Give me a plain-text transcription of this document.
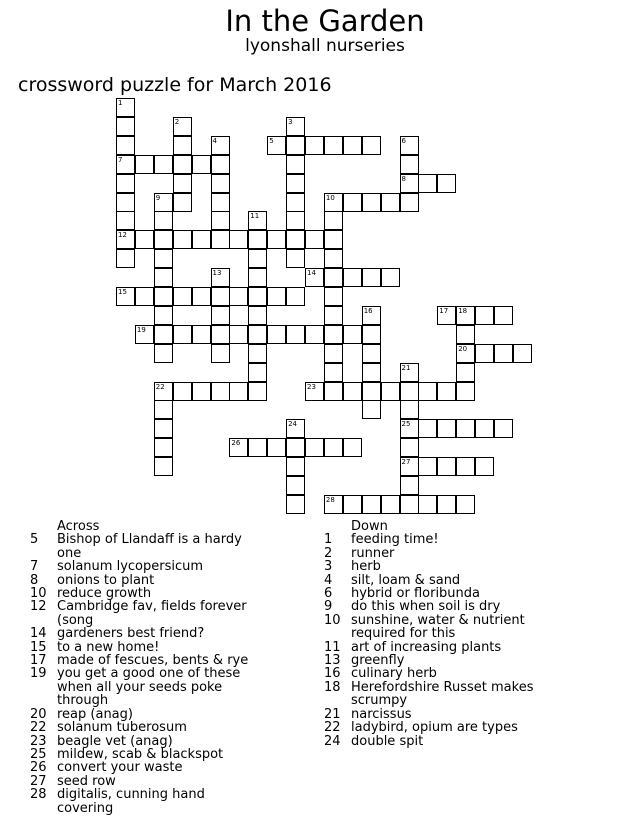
In the Garden
lyonshall nurseries
crossword puzzle for March 2016
1
7
12
2	3
4	5	6
8
9	10
11
13	14
15
16	17 18
20
19
21
25
27
22	23
24
26
28
Across
5	Bishop of Llandaff is a hardy one
7	solanum lycopersicum
8	onions to plant
10 reduce growth
12 Cambridge fav, fields forever (song
14 gardeners best friend?
15 to a new home!
17 made of fescues, bents & rye
19 you get a good one of these when all your seeds poke through
20 reap (anag)
22 solanum tuberosum
23 beagle vet (anag)
25 mildew, scab & blackspot
26 convert your waste
27 seed row
28 digitalis, cunning hand covering
Down
1	feeding time!
2	runner
3	herb
4	silt, loam & sand
6	hybrid or floribunda
9	do this when soil is dry
10 sunshine, water & nutrient required for this
11 art of increasing plants
13 greenfly
16 culinary herb
18 Herefordshire Russet makes scrumpy
21 narcissus
22 ladybird, opium are types
24 double spit
